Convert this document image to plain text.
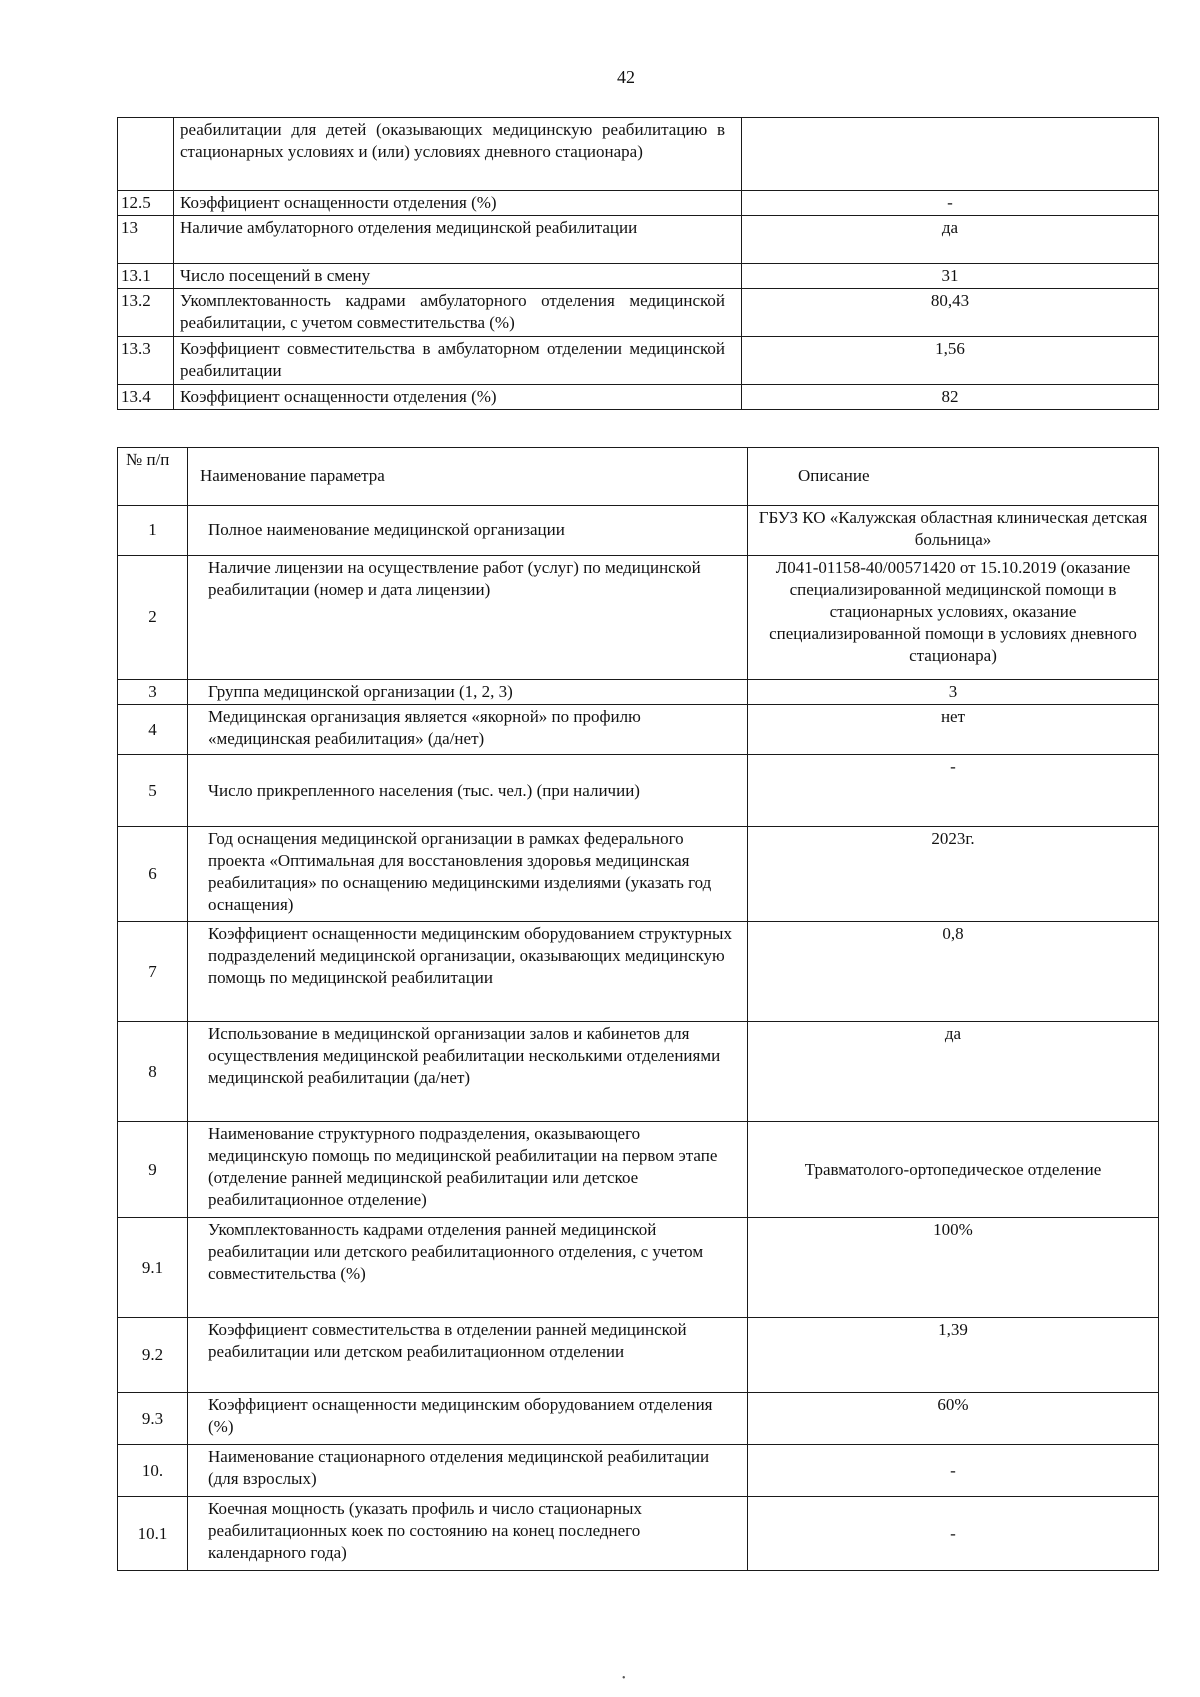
42
	реабилитации для детей (оказывающих медицинскую реабилитацию в стационарных условиях и (или) условиях дневного стационара)	
12.5	Коэффициент оснащенности отделения (%)	-
13	Наличие амбулаторного отделения медицинской реабилитации	да
13.1	Число посещений в смену	31
13.2	Укомплектованность кадрами амбулаторного отделения медицинской реабилитации, с учетом совместительства (%)	80,43
13.3	Коэффициент совместительства в амбулаторном отделении медицинской реабилитации	1,56
13.4	Коэффициент оснащенности отделения (%)	82
№ п/п	Наименование параметра	Описание
1	Полное наименование медицинской организации	ГБУЗ КО «Калужская областная клиническая детская больница»
2	Наличие лицензии на осуществление работ (услуг) по медицинской реабилитации (номер и дата лицензии)	Л041-01158-40/00571420 от 15.10.2019 (оказание специализированной медицинской помощи в стационарных условиях, оказание специализированной помощи в условиях дневного стационара)
3	Группа медицинской организации (1, 2, 3)	3
4	Медицинская организация является «якорной» по профилю «медицинская реабилитация» (да/нет)	нет
5	Число прикрепленного населения (тыс. чел.) (при наличии)	-
6	Год оснащения медицинской организации в рамках федерального проекта «Оптимальная для восстановления здоровья медицинская реабилитация» по оснащению медицинскими изделиями (указать год оснащения)	2023г.
7	Коэффициент оснащенности медицинским оборудованием структурных подразделений медицинской организации, оказывающих медицинскую помощь по медицинской реабилитации	0,8
8	Использование в медицинской организации залов и кабинетов для осуществления медицинской реабилитации несколькими отделениями медицинской реабилитации (да/нет)	да
9	Наименование структурного подразделения, оказывающего медицинскую помощь по медицинской реабилитации на первом этапе (отделение ранней медицинской реабилитации или детское реабилитационное отделение)	Травматолого-ортопедическое отделение
9.1	Укомплектованность кадрами отделения ранней медицинской реабилитации или детского реабилитационного отделения, с учетом совместительства (%)	100%
9.2	Коэффициент совместительства в отделении ранней медицинской реабилитации или детском реабилитационном отделении	1,39
9.3	Коэффициент оснащенности медицинским оборудованием отделения (%)	60%
10.	Наименование стационарного отделения медицинской реабилитации (для взрослых)	-
10.1	Коечная мощность (указать профиль и число стационарных реабилитационных коек по состоянию на конец последнего календарного года)	-
•
